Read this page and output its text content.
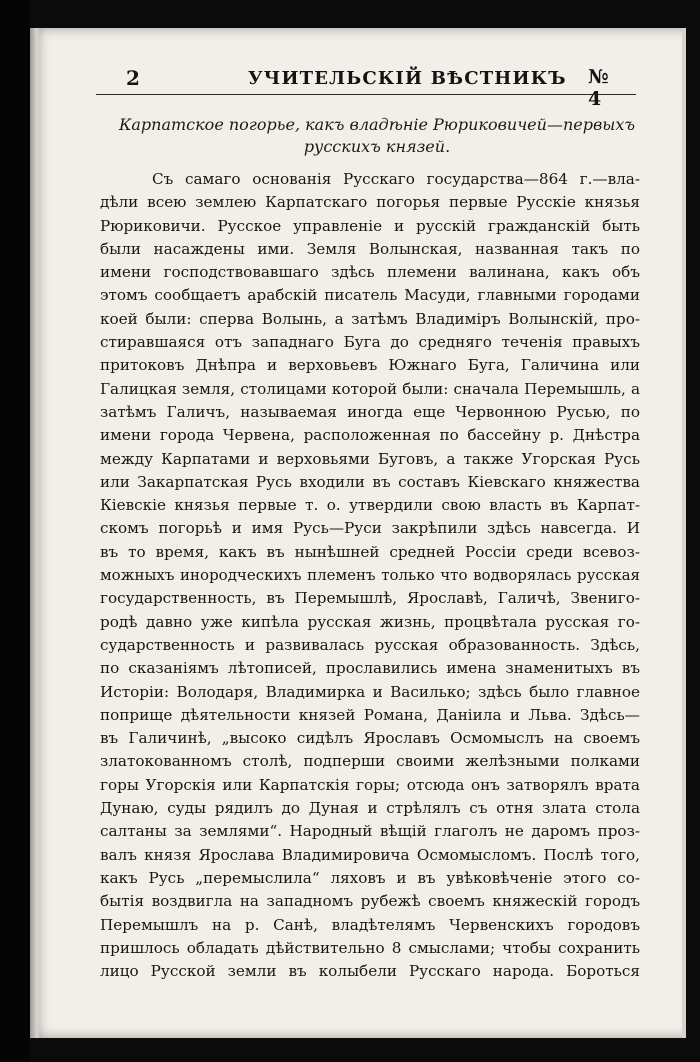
2	УЧИТЕЛЬСКІЙ ВѢСТНИКЪ № 4
Карпатское погорье, какъ владѣніе Рюриковичей—первыхъ русскихъ князей.
Съ самаго основанія Русскаго государства—864 г.—вла-
дѣли всею землею Карпатскаго погорья первые Русскіе князья
Рюриковичи. Русское управленіе и русскій гражданскій быть
были насаждены ими. Земля Волынская, названная такъ по
имени господствовавшаго здѣсь племени валинана, какъ объ
этомъ сообщаетъ арабскій писатель Масуди, главными городами
коей были: сперва Волынь, а затѣмъ Владиміръ Волынскій, про-
стиравшаяся отъ западнаго Буга до средняго теченія правыхъ
притоковъ Днѣпра и верховьевъ Южнаго Буга, Галичина или
Галицкая земля, столицами которой были: сначала Перемышль, а
затѣмъ Галичъ, называемая иногда еще Червонною Русью, по
имени города Червена, расположенная по бассейну р. Днѣстра
между Карпатами и верховьями Буговъ, а также Угорская Русь
или Закарпатская Русь входили въ составъ Кіевскаго княжества
Кіевскіе князья первые т. о. утвердили свою власть въ Карпат-
скомъ погорьѣ и имя Русь—Руси закрѣпили здѣсь навсегда. И
въ то время, какъ въ нынѣшней средней Россіи среди всевоз-
можныхъ инородческихъ племенъ только что водворялась русская
государственность, въ Перемышлѣ, Ярославѣ, Галичѣ, Звениго-
родѣ давно уже кипѣла русская жизнь, процвѣтала русская го-
сударственность и развивалась русская образованность. Здѣсь,
по сказаніямъ лѣтописей, прославились имена знаменитыхъ въ
Исторіи: Володаря, Владимирка и Василько; здѣсь было главное
поприще дѣятельности князей Романа, Даніила и Льва. Здѣсь—
въ Галичинѣ, „высоко сидѣлъ Ярославъ Осмомыслъ на своемъ
златокованномъ столѣ, подперши своими желѣзными полками
горы Угорскія или Карпатскія горы; отсюда онъ затворялъ врата
Дунаю, суды рядилъ до Дуная и стрѣлялъ съ отня злата стола
салтаны за землями“. Народный вѣщій глаголъ не даромъ проз-
валъ князя Ярослава Владимировича Осмомысломъ. Послѣ того,
какъ Русь „перемыслила“ ляховъ и въ увѣковѣченіе этого со-
бытія воздвигла на западномъ рубежѣ своемъ княжескій городъ
Перемышлъ на р. Санѣ, владѣтелямъ Червенскихъ городовъ
пришлось обладать дѣйствительно 8 смыслами; чтобы сохранить
лицо Русской земли въ колыбели Русскаго народа. Бороться
